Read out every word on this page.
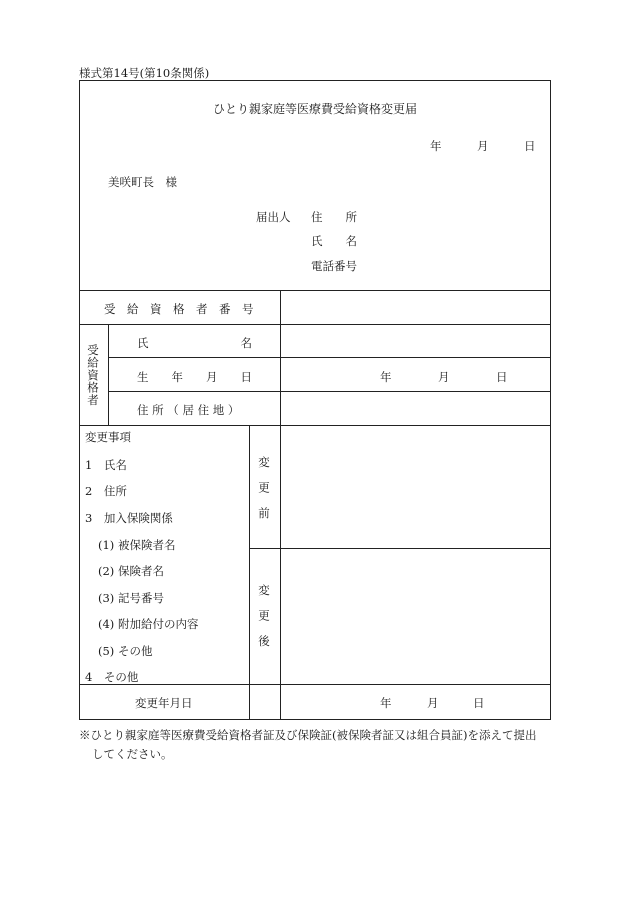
様式第14号(第10条関係)
ひとり親家庭等医療費受給資格変更届
年	月	日
美咲町長　様
届出人 住　　所
氏　　名
電話番号
受　給　資　格　者　番　号
受給資格者
氏　　　　　　　　名
生　　年　　月　　日	年	月	日
住 所 （ 居 住 地 ）
変更事項
1　氏名
2　住所
3　加入保険関係
(1) 被保険者名
(2) 保険者名
(3) 記号番号
(4) 附加給付の内容
(5) その他
4　その他
変更前
変更後
変更年月日	年	月	日
※ひとり親家庭等医療費受給資格者証及び保険証(被保険者証又は組合員証)を添えて提出
してください。
